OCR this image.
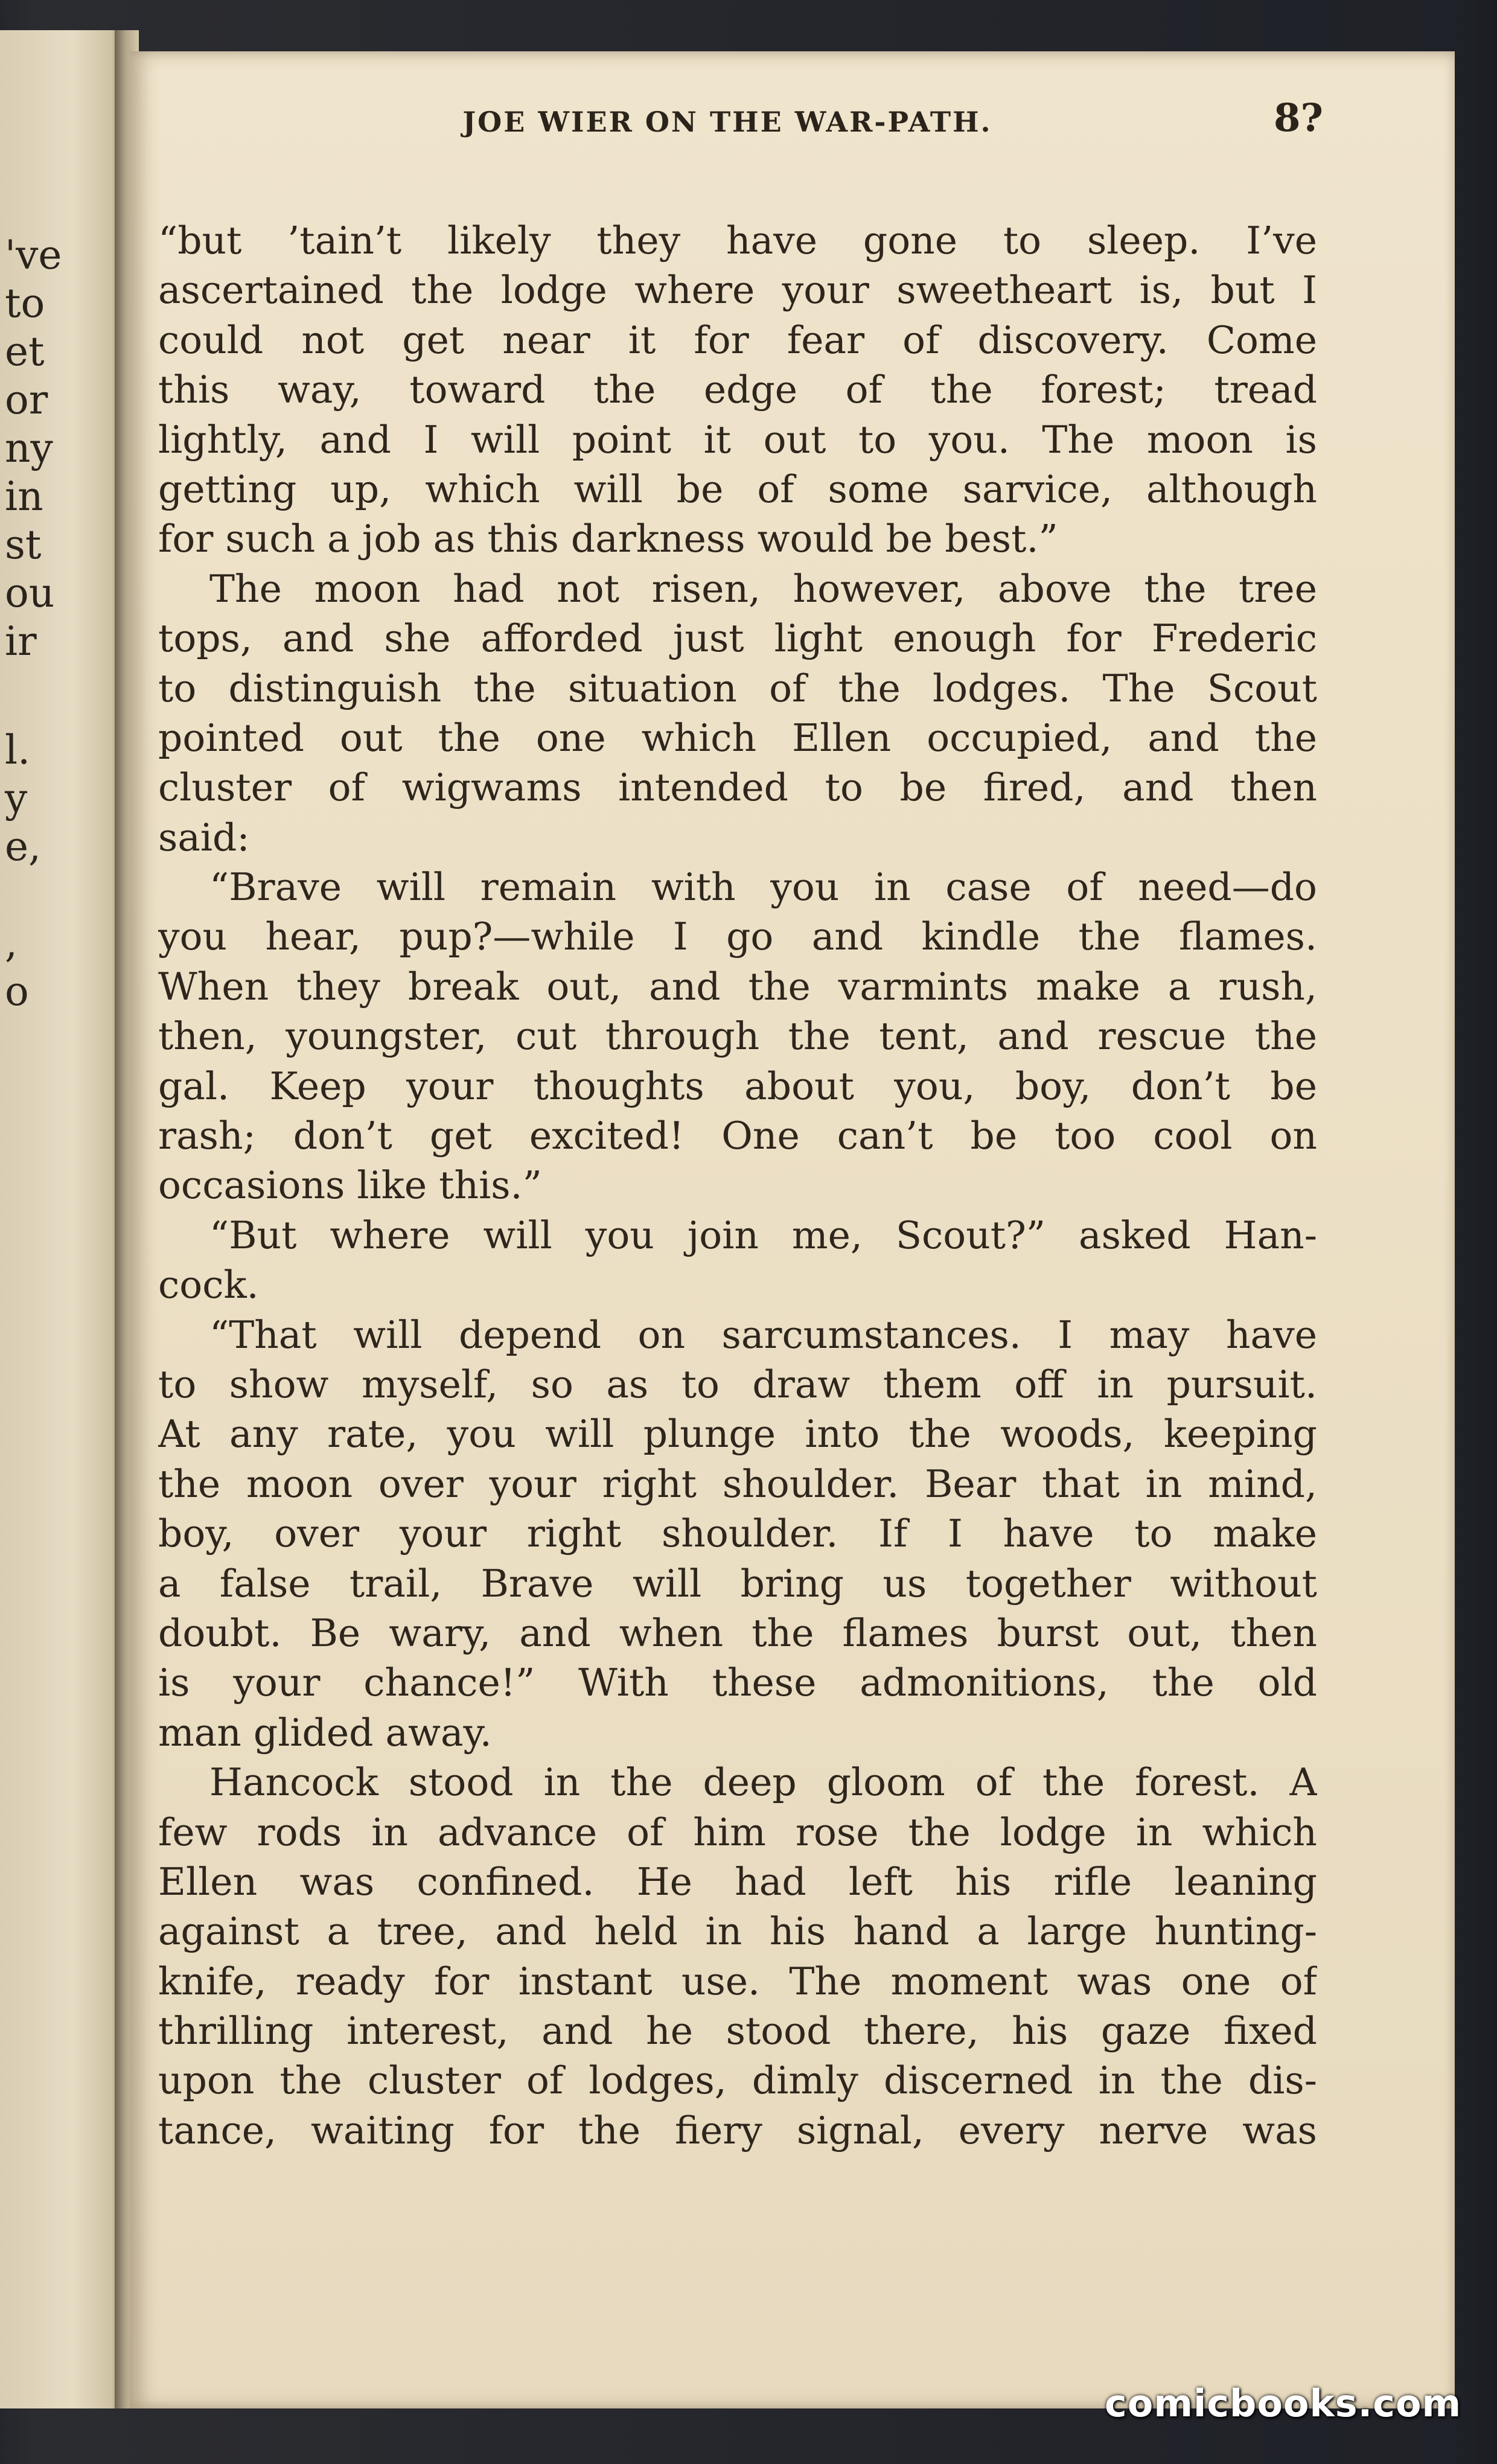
've
to
et
or
ny
in
st
ou
ir
l.
y
e,
,
o
JOE WIER ON THE WAR-PATH.	8?
“but ’tain’t likely they have gone to sleep. I’ve
ascertained the lodge where your sweetheart is, but I
could not get near it for fear of discovery. Come
this way, toward the edge of the forest; tread
lightly, and I will point it out to you. The moon is
getting up, which will be of some sarvice, although
for such a job as this darkness would be best.”
The moon had not risen, however, above the tree
tops, and she afforded just light enough for Frederic
to distinguish the situation of the lodges. The Scout
pointed out the one which Ellen occupied, and the
cluster of wigwams intended to be fired, and then
said:
“Brave will remain with you in case of need—do
you hear, pup?—while I go and kindle the flames.
When they break out, and the varmints make a rush,
then, youngster, cut through the tent, and rescue the
gal. Keep your thoughts about you, boy, don’t be
rash; don’t get excited! One can’t be too cool on
occasions like this.”
“But where will you join me, Scout?” asked Han-
cock.
“That will depend on sarcumstances. I may have
to show myself, so as to draw them off in pursuit.
At any rate, you will plunge into the woods, keeping
the moon over your right shoulder. Bear that in mind,
boy, over your right shoulder. If I have to make
a false trail, Brave will bring us together without
doubt. Be wary, and when the flames burst out, then
is your chance!” With these admonitions, the old
man glided away.
Hancock stood in the deep gloom of the forest. A
few rods in advance of him rose the lodge in which
Ellen was confined. He had left his rifle leaning
against a tree, and held in his hand a large hunting-
knife, ready for instant use. The moment was one of
thrilling interest, and he stood there, his gaze fixed
upon the cluster of lodges, dimly discerned in the dis-
tance, waiting for the fiery signal, every nerve was
comicbooks.com
